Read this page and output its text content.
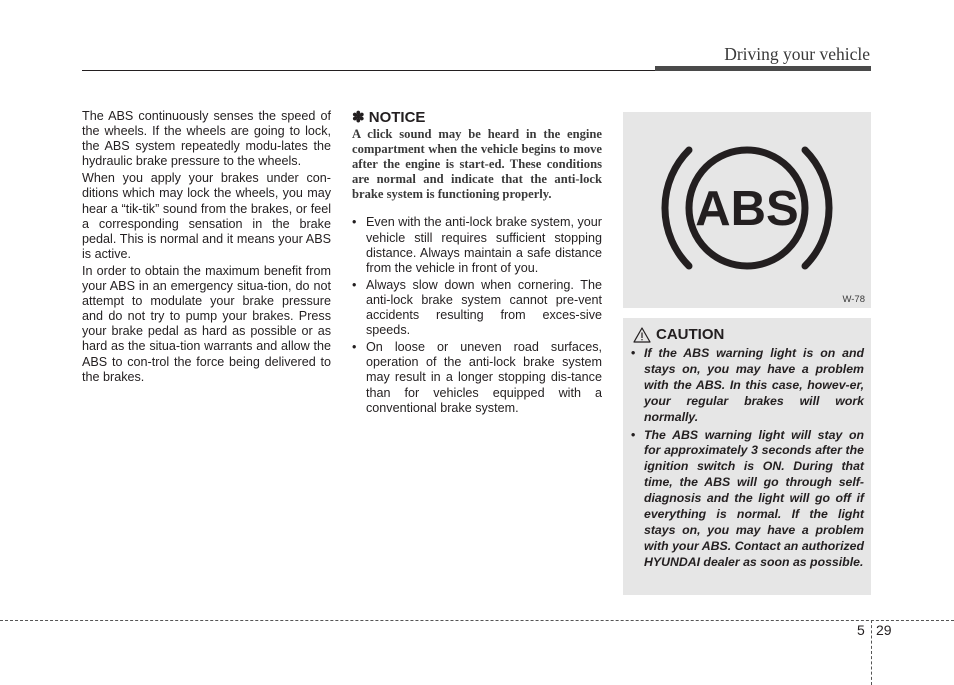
Driving your vehicle

The ABS continuously senses the speed of the wheels. If the wheels are going to lock, the ABS system repeatedly modu-lates the hydraulic brake pressure to the wheels.

When you apply your brakes under con-ditions which may lock the wheels, you may hear a “tik-tik” sound from the brakes, or feel a corresponding sensation in the brake pedal. This is normal and it means your ABS is active.

In order to obtain the maximum benefit from your ABS in an emergency situa-tion, do not attempt to modulate your brake pressure and do not try to pump your brakes. Press your brake pedal as hard as possible or as hard as the situa-tion warrants and allow the ABS to con-trol the force being delivered to the brakes.

✽ NOTICE

A click sound may be heard in the engine compartment when the vehicle begins to move after the engine is start-ed. These conditions are normal and indicate that the anti-lock brake system is functioning properly.

• Even with the anti-lock brake system, your vehicle still requires sufficient stopping distance. Always maintain a safe distance from the vehicle in front of you.
• Always slow down when cornering. The anti-lock brake system cannot pre-vent accidents resulting from exces-sive speeds.
• On loose or uneven road surfaces, operation of the anti-lock brake system may result in a longer stopping dis-tance than for vehicles equipped with a conventional brake system.
ABS
W-78
CAUTION
• If the ABS warning light is on and stays on, you may have a problem with the ABS. In this case, howev-er, your regular brakes will work normally.
• The ABS warning light will stay on for approximately 3 seconds after the ignition switch is ON. During that time, the ABS will go through self-diagnosis and the light will go off if everything is normal. If the light stays on, you may have a problem with your ABS. Contact an authorized HYUNDAI dealer as soon as possible.
5 29
